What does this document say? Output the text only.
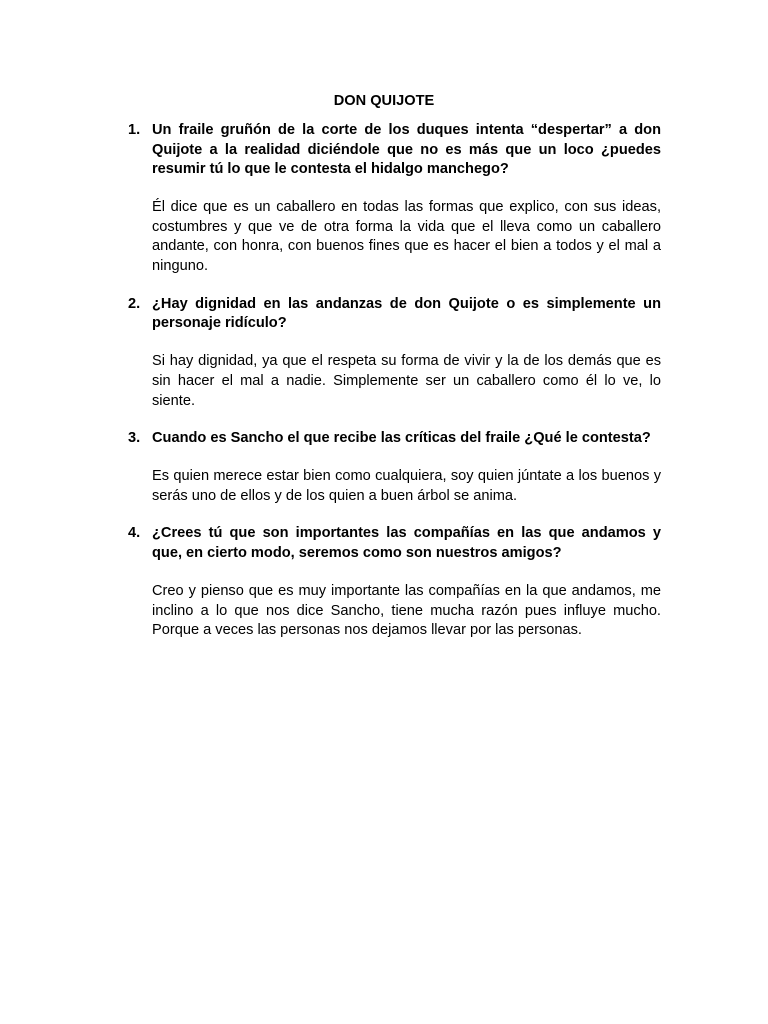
DON QUIJOTE
1. Un fraile gruñón de la corte de los duques intenta “despertar” a don Quijote a la realidad diciéndole que no es más que un loco ¿puedes resumir tú lo que le contesta el hidalgo manchego?

Él dice que es un caballero en todas las formas que explico, con sus ideas, costumbres y que ve de otra forma la vida que el lleva como un caballero andante, con honra, con buenos fines que es hacer el bien a todos y el mal a ninguno.

2. ¿Hay dignidad en las andanzas de don Quijote o es simplemente un personaje ridículo?

Si hay dignidad, ya que el respeta su forma de vivir y la de los demás que es sin hacer el mal a nadie. Simplemente ser un caballero como él lo ve, lo siente.

3. Cuando es Sancho el que recibe las críticas del fraile ¿Qué le contesta?

Es quien merece estar bien como cualquiera, soy quien júntate a los buenos y serás uno de ellos y de los quien a buen árbol se anima.

4. ¿Crees tú que son importantes las compañías en las que andamos y que, en cierto modo, seremos como son nuestros amigos?

Creo y pienso que es muy importante las compañías en la que andamos, me inclino a lo que nos dice Sancho, tiene mucha razón pues influye mucho. Porque a veces las personas nos dejamos llevar por las personas.
